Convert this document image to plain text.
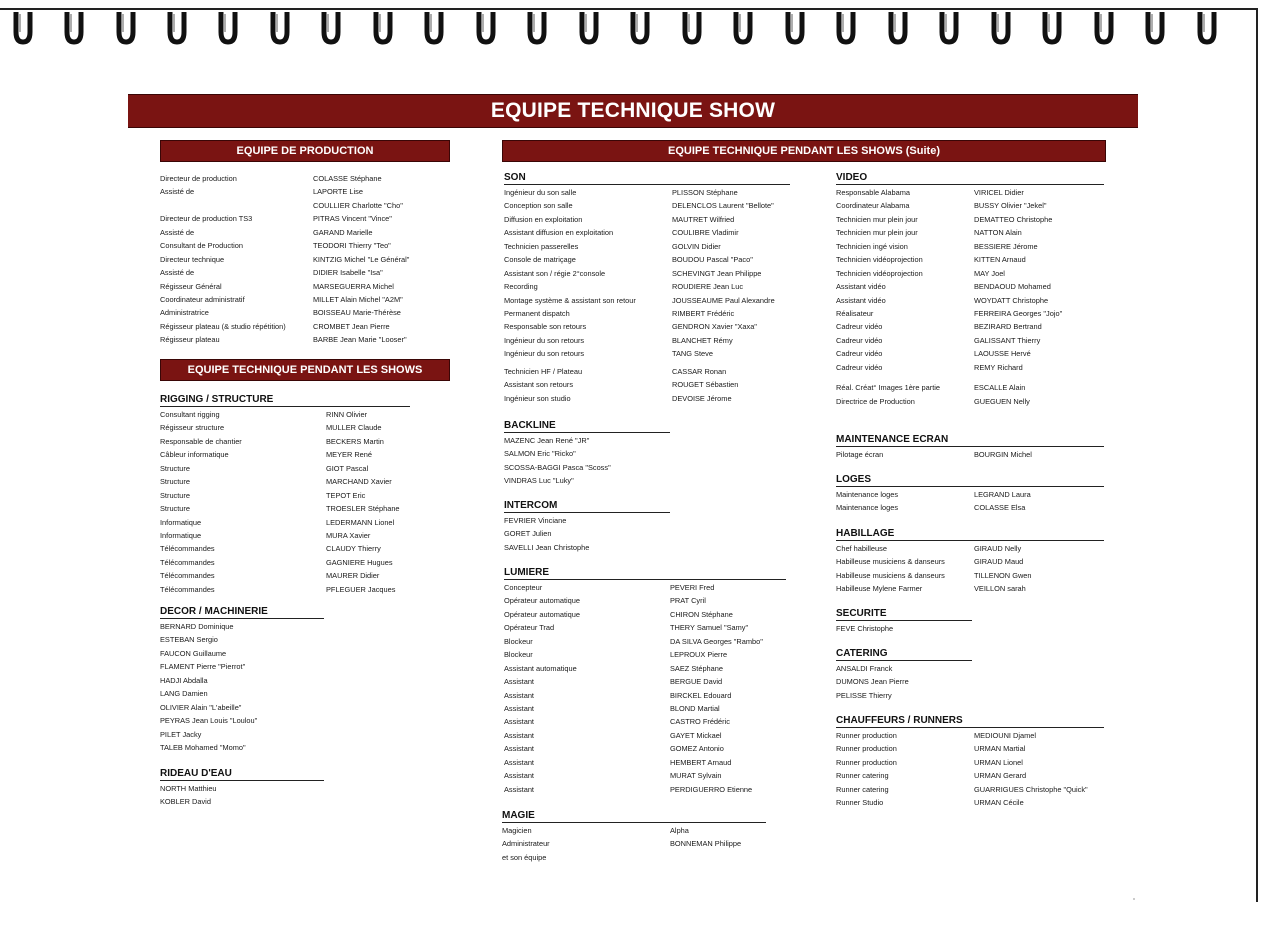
EQUIPE TECHNIQUE SHOW
EQUIPE DE PRODUCTION	EQUIPE TECHNIQUE PENDANT LES SHOWS (Suite)
EQUIPE TECHNIQUE PENDANT LES SHOWS
Directeur de production	COLASSE Stéphane
Assisté de	LAPORTE Lise
COULLIER Charlotte "Cho"
Directeur de production TS3	PITRAS Vincent "Vince"
Assisté de	GARAND Marielle
Consultant de Production	TEODORI Thierry "Teo"
Directeur technique	KINTZIG Michel "Le Général"
Assisté de	DIDIER Isabelle "Isa"
Régisseur Général	MARSEGUERRA Michel
Coordinateur administratif	MILLET Alain Michel "A2M"
Administratrice	BOISSEAU Marie-Thérèse
Régisseur plateau (& studio répétition)	CROMBET Jean Pierre
Régisseur plateau	BARBE Jean Marie "Looser"
RIGGING / STRUCTURE
Consultant rigging	RINN Olivier
Régisseur structure	MULLER Claude
Responsable de chantier	BECKERS Martin
Câbleur informatique	MEYER René
Structure	GIOT Pascal
Structure	MARCHAND Xavier
Structure	TEPOT Eric
Structure	TROESLER Stéphane
Informatique	LEDERMANN Lionel
Informatique	MURA Xavier
Télécommandes	CLAUDY Thierry
Télécommandes	GAGNIERE Hugues
Télécommandes	MAURER Didier
Télécommandes	PFLEGUER Jacques
DECOR / MACHINERIE
BERNARD Dominique
ESTEBAN Sergio
FAUCON Guillaume
FLAMENT Pierre "Pierrot"
HADJI Abdalla
LANG Damien
OLIVIER Alain "L'abeille"
PEYRAS Jean Louis "Loulou"
PILET Jacky
TALEB Mohamed "Momo"
RIDEAU D'EAU
NORTH Matthieu
KOBLER David
SON
Ingénieur du son salle	PLISSON Stéphane
Conception son salle	DELENCLOS Laurent "Bellote"
Diffusion en exploitation	MAUTRET Wilfried
Assistant diffusion en exploitation	COULIBRE Vladimir
Technicien passerelles	GOLVIN Didier
Console de matriçage	BOUDOU Pascal "Paco"
Assistant son / régie 2°console	SCHEVINGT Jean Philippe
Recording	ROUDIERE Jean Luc
Montage système & assistant son retour	JOUSSEAUME Paul Alexandre
Permanent dispatch	RIMBERT Frédéric
Responsable son retours	GENDRON Xavier "Xaxa"
Ingénieur du son retours	BLANCHET Rémy
Ingénieur du son retours	TANG Steve
Technicien HF / Plateau	CASSAR Ronan
Assistant son retours	ROUGET Sébastien
Ingénieur son studio	DEVOISE Jérome
BACKLINE
MAZENC Jean René "JR"
SALMON Eric "Ricko"
SCOSSA-BAGGI Pasca "Scoss"
VINDRAS Luc "Luky"
INTERCOM
FEVRIER Vinciane
GORET Julien
SAVELLI Jean Christophe
LUMIERE
Concepteur	PEVERI Fred
Opérateur automatique	PRAT Cyril
Opérateur automatique	CHIRON Stéphane
Opérateur Trad	THERY Samuel "Samy"
Blockeur	DA SILVA Georges "Rambo"
Blockeur	LEPROUX Pierre
Assistant automatique	SAEZ Stéphane
Assistant	BERGUE David
Assistant	BIRCKEL Edouard
Assistant	BLOND Martial
Assistant	CASTRO Frédéric
Assistant	GAYET Mickael
Assistant	GOMEZ Antonio
Assistant	HEMBERT Arnaud
Assistant	MURAT Sylvain
Assistant	PERDIGUERRO Etienne
MAGIE
Magicien	Alpha
Administrateur	BONNEMAN Philippe
et son équipe
VIDEO
Responsable Alabama	VIRICEL Didier
Coordinateur Alabama	BUSSY Olivier "Jekel"
Technicien mur plein jour	DEMATTEO Christophe
Technicien mur plein jour	NATTON Alain
Technicien ingé vision	BESSIERE Jérome
Technicien vidéoprojection	KITTEN Arnaud
Technicien vidéoprojection	MAY Joel
Assistant vidéo	BENDAOUD Mohamed
Assistant vidéo	WOYDATT Christophe
Réalisateur	FERREIRA Georges "Jojo"
Cadreur vidéo	BEZIRARD Bertrand
Cadreur vidéo	GALISSANT Thierry
Cadreur vidéo	LAOUSSE Hervé
Cadreur vidéo	REMY Richard
Réal. Créat° Images 1ère partie	ESCALLE Alain
Directrice de Production	GUEGUEN Nelly
MAINTENANCE ECRAN
Pilotage écran	BOURGIN Michel
LOGES
Maintenance loges	LEGRAND Laura
Maintenance loges	COLASSE Elsa
HABILLAGE
Chef habilleuse	GIRAUD Nelly
Habilleuse musiciens & danseurs	GIRAUD Maud
Habilleuse musiciens & danseurs	TILLENON Gwen
Habilleuse Mylene Farmer	VEILLON sarah
SECURITE
FEVE Christophe
CATERING
ANSALDI Franck
DUMONS Jean Pierre
PELISSE Thierry
CHAUFFEURS / RUNNERS
Runner production	MEDIOUNI Djamel
Runner production	URMAN Martial
Runner production	URMAN Lionel
Runner catering	URMAN Gerard
Runner catering	GUARRIGUES Christophe "Quick"
Runner Studio	URMAN Cécile
